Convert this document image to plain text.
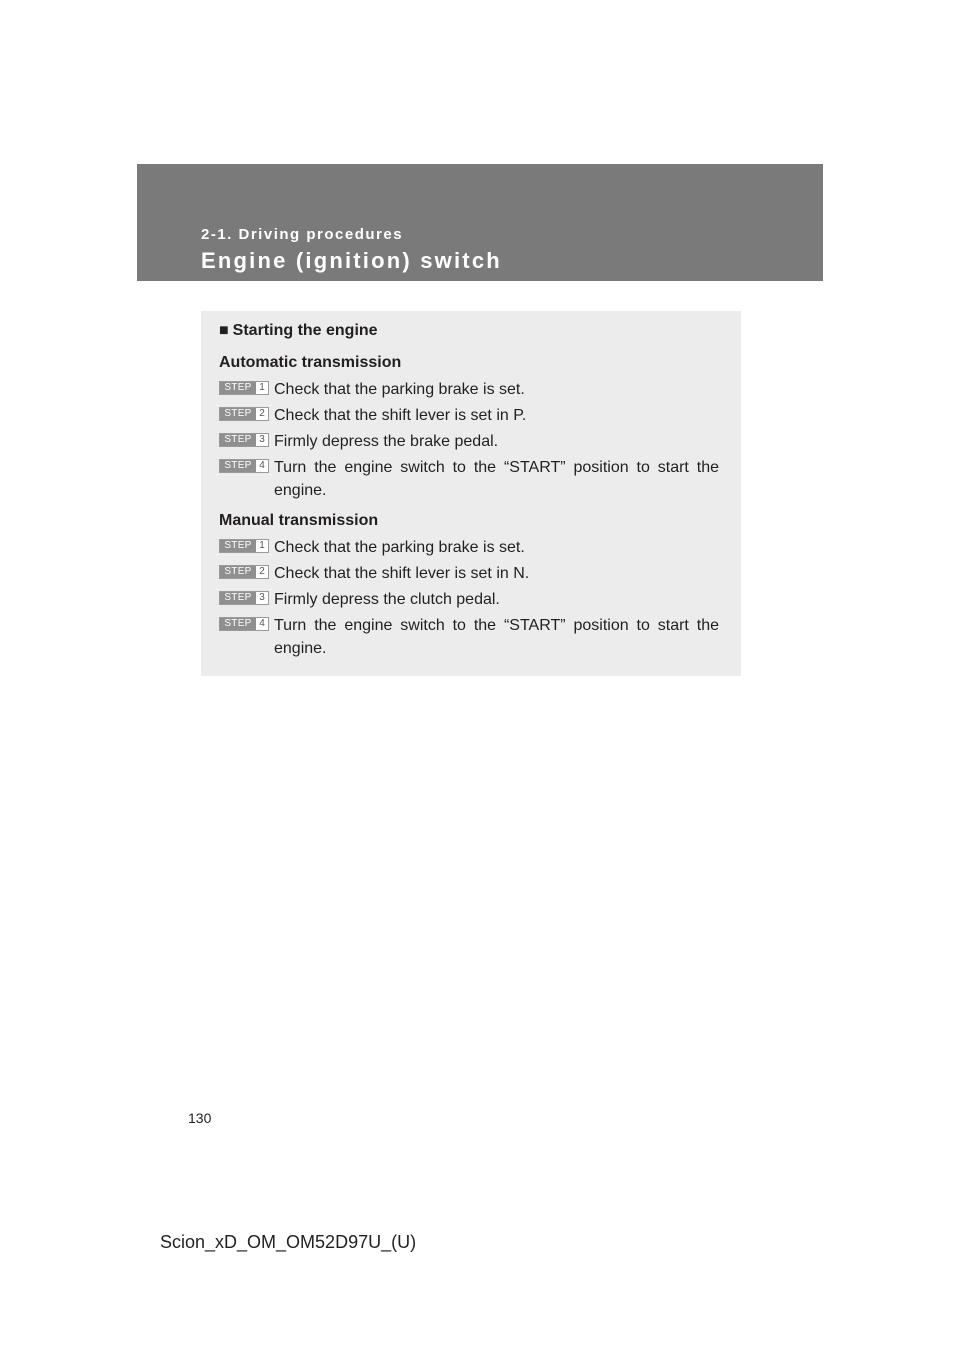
2-1. Driving procedures
Engine (ignition) switch
■ Starting the engine
Automatic transmission
STEP 1 Check that the parking brake is set.
STEP 2 Check that the shift lever is set in P.
STEP 3 Firmly depress the brake pedal.
STEP 4 Turn the engine switch to the “START” position to start the engine.
Manual transmission
STEP 1 Check that the parking brake is set.
STEP 2 Check that the shift lever is set in N.
STEP 3 Firmly depress the clutch pedal.
STEP 4 Turn the engine switch to the “START” position to start the engine.
130
Scion_xD_OM_OM52D97U_(U)
